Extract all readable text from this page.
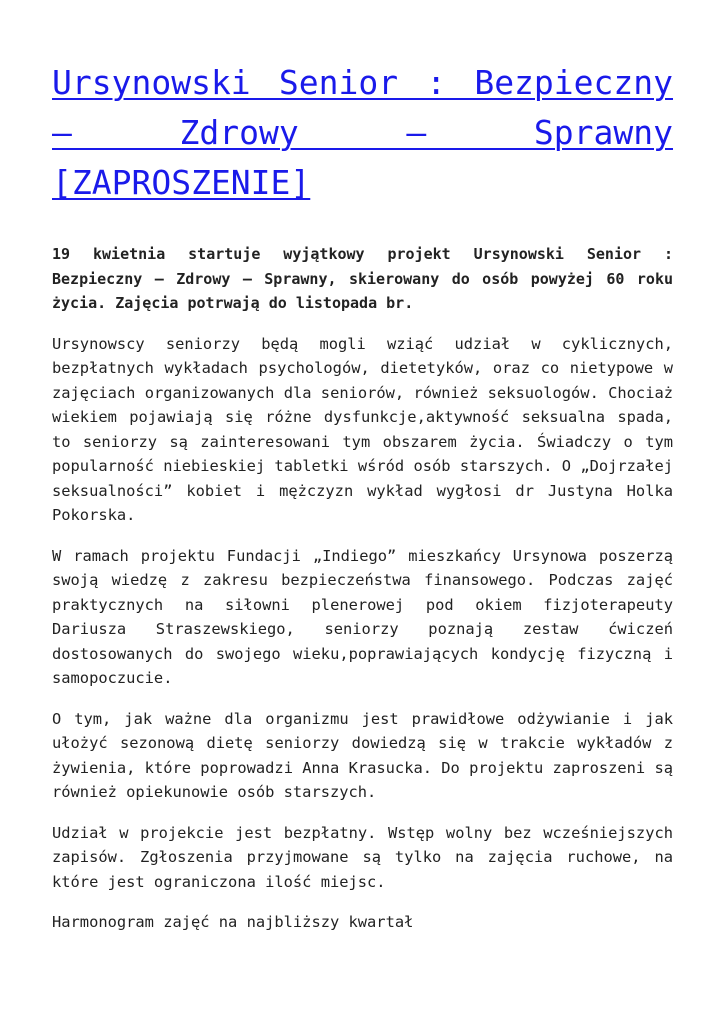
Ursynowski Senior : Bezpieczny – Zdrowy – Sprawny [ZAPROSZENIE]

19 kwietnia startuje wyjątkowy projekt Ursynowski Senior : Bezpieczny – Zdrowy – Sprawny, skierowany do osób powyżej 60 roku życia. Zajęcia potrwają do listopada br.

Ursynowscy seniorzy będą mogli wziąć udział w cyklicznych, bezpłatnych wykładach psychologów, dietetyków, oraz co nietypowe w zajęciach organizowanych dla seniorów, również seksuologów. Chociaż wiekiem pojawiają się różne dysfunkcje,aktywność seksualna spada, to seniorzy są zainteresowani tym obszarem życia. Świadczy o tym popularność niebieskiej tabletki wśród osób starszych. O „Dojrzałej seksualności” kobiet i mężczyzn wykład wygłosi dr Justyna Holka Pokorska.

W ramach projektu Fundacji „Indiego” mieszkańcy Ursynowa poszerzą swoją wiedzę z zakresu bezpieczeństwa finansowego. Podczas zajęć praktycznych na siłowni plenerowej pod okiem fizjoterapeuty Dariusza Straszewskiego, seniorzy poznają zestaw ćwiczeń dostosowanych do swojego wieku,poprawiających kondycję fizyczną i samopoczucie.

O tym, jak ważne dla organizmu jest prawidłowe odżywianie i jak ułożyć sezonową dietę seniorzy dowiedzą się w trakcie wykładów z żywienia, które poprowadzi Anna Krasucka. Do projektu zaproszeni są również opiekunowie osób starszych.

Udział w projekcie jest bezpłatny. Wstęp wolny bez wcześniejszych zapisów. Zgłoszenia przyjmowane są tylko na zajęcia ruchowe, na które jest ograniczona ilość miejsc.

Harmonogram zajęć na najbliższy kwartał
